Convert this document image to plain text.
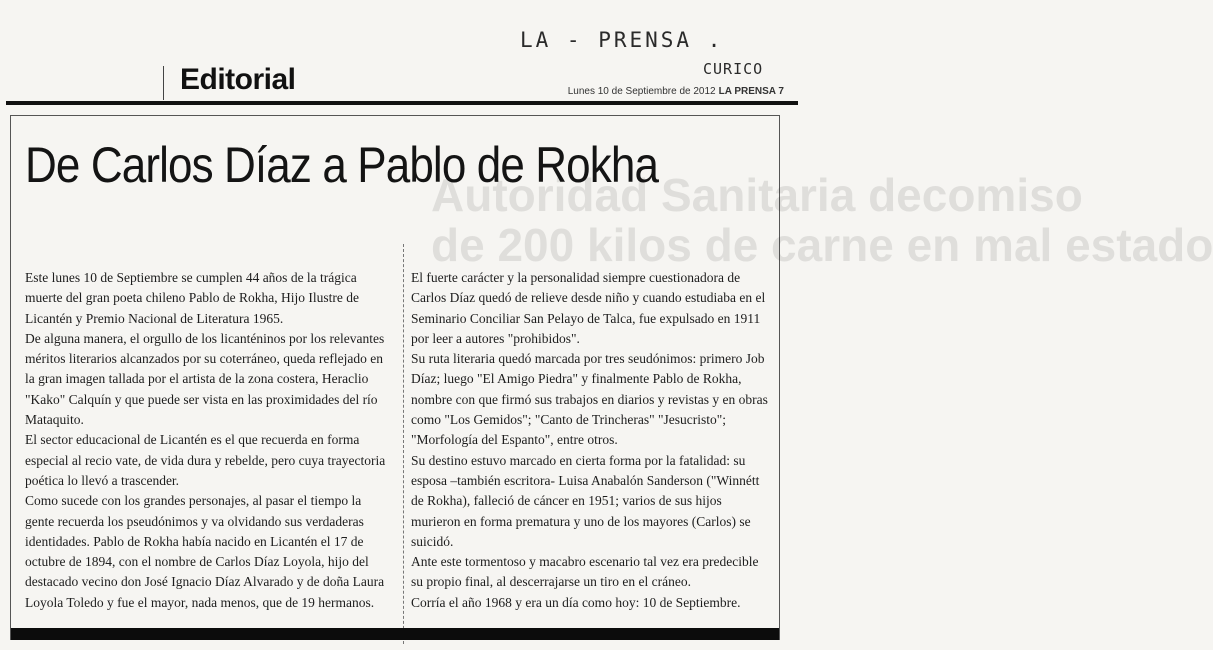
LA - PRENSA .
CURICO
Editorial	Lunes 10 de Septiembre de 2012 LA PRENSA 7
Autoridad Sanitaria decomiso
de 200 kilos de carne en mal estado
De Carlos Díaz a Pablo de Rokha

Este lunes 10 de Septiembre se cumplen 44 años de la trágica muerte del gran poeta chileno Pablo de Rokha, Hijo Ilustre de Licantén y Premio Nacional de Literatura 1965.

De alguna manera, el orgullo de los licanténinos por los relevantes méritos literarios alcanzados por su coterráneo, queda reflejado en la gran imagen tallada por el artista de la zona costera, Heraclio "Kako" Calquín y que puede ser vista en las proximidades del río Mataquito.

El sector educacional de Licantén es el que recuerda en forma especial al recio vate, de vida dura y rebelde, pero cuya trayectoria poética lo llevó a trascender.

Como sucede con los grandes personajes, al pasar el tiempo la gente recuerda los pseudónimos y va olvidando sus verdaderas identidades. Pablo de Rokha había nacido en Licantén el 17 de octubre de 1894, con el nombre de Carlos Díaz Loyola, hijo del destacado vecino don José Ignacio Díaz Alvarado y de doña Laura Loyola Toledo y fue el mayor, nada menos, que de 19 hermanos.

El fuerte carácter y la personalidad siempre cuestionadora de Carlos Díaz quedó de relieve desde niño y cuando estudiaba en el Seminario Conciliar San Pelayo de Talca, fue expulsado en 1911 por leer a autores "prohibidos".

Su ruta literaria quedó marcada por tres seudónimos: primero Job Díaz; luego "El Amigo Piedra" y finalmente Pablo de Rokha, nombre con que firmó sus trabajos en diarios y revistas y en obras como "Los Gemidos"; "Canto de Trincheras" "Jesucristo"; "Morfología del Espanto", entre otros.

Su destino estuvo marcado en cierta forma por la fatalidad: su esposa –también escritora- Luisa Anabalón Sanderson ("Winnétt de Rokha), falleció de cáncer en 1951; varios de sus hijos murieron en forma prematura y uno de los mayores (Carlos) se suicidó.

Ante este tormentoso y macabro escenario tal vez era predecible su propio final, al descerrajarse un tiro en el cráneo.

Corría el año 1968 y era un día como hoy: 10 de Septiembre.
